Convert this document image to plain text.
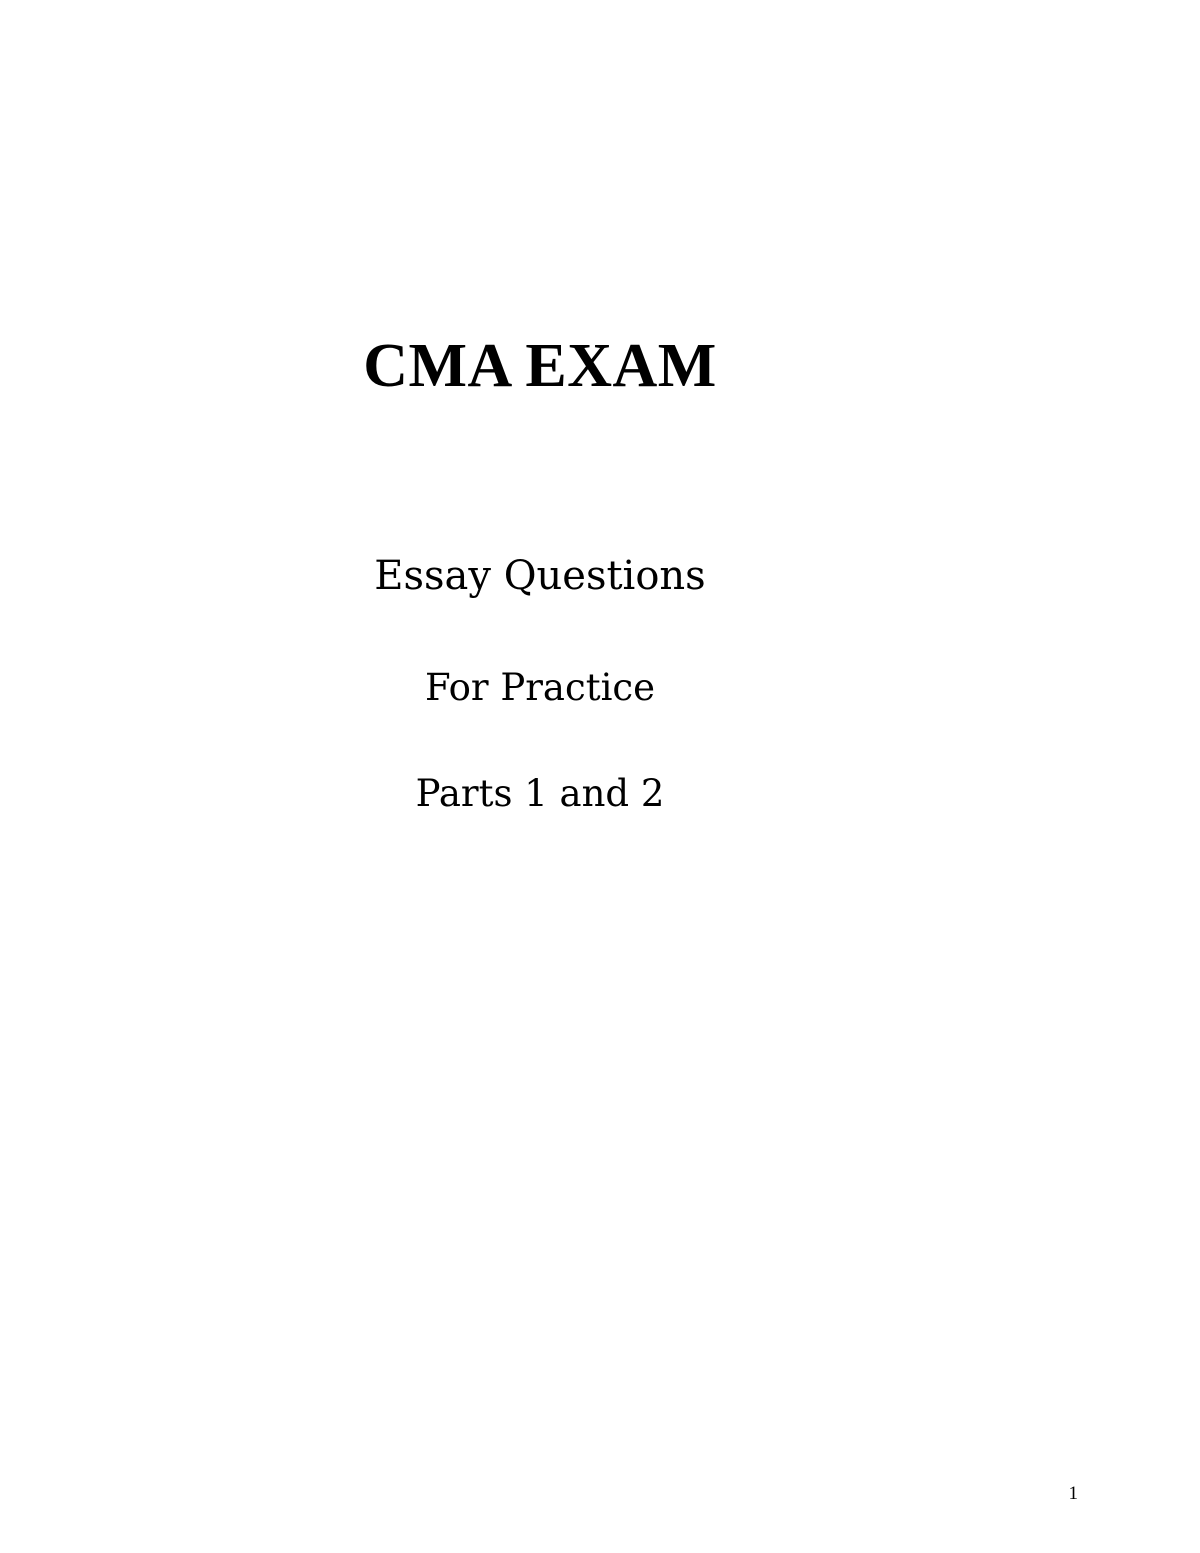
CMA EXAM
Essay Questions
For Practice
Parts 1 and 2
1
